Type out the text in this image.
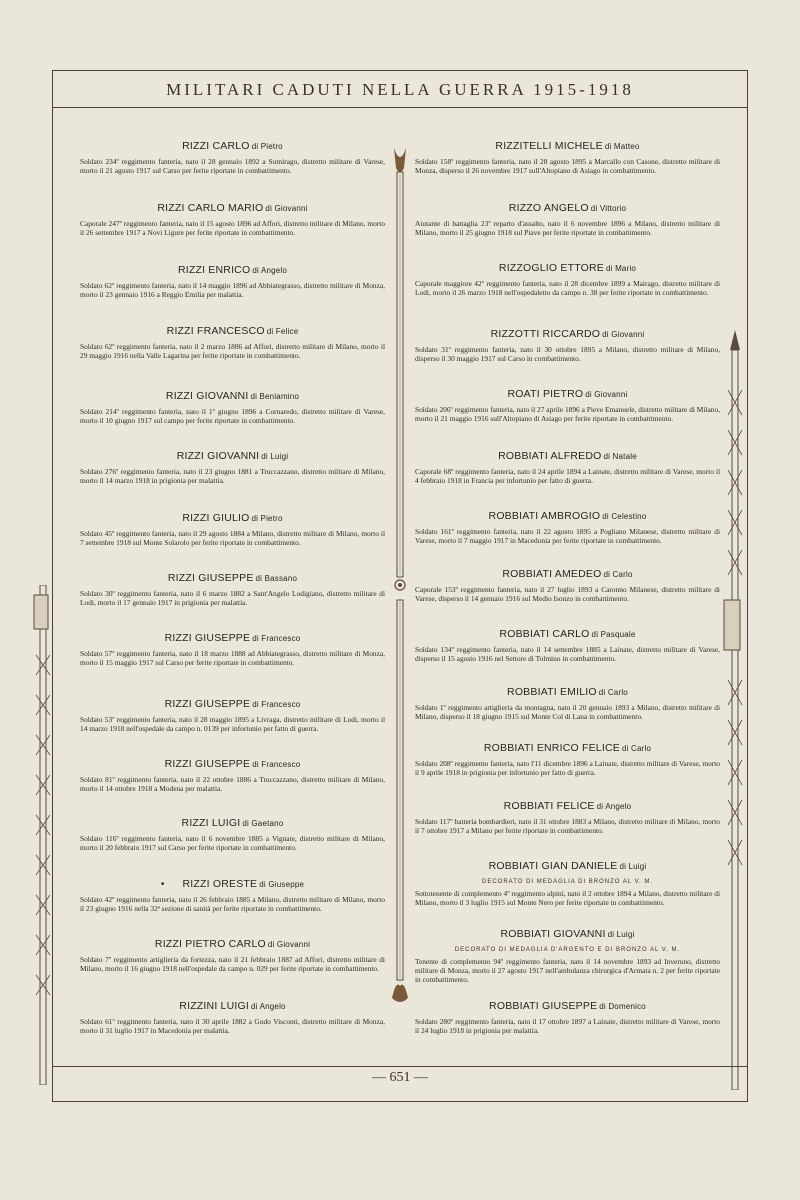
MILITARI CADUTI NELLA GUERRA 1915-1918
RIZZI CARLO di Pietro
Soldato 234º reggimento fanteria, nato il 28 gennaio 1892 a Sumirago, distretto militare di Varese, morto il 21 agosto 1917 sul Carso per ferite riportate in combattimento.
RIZZI CARLO MARIO di Giovanni
Caporale 247º reggimento fanteria, nato il 15 agosto 1896 ad Affori, distretto militare di Milano, morto il 26 settembre 1917 a Novi Ligure per ferite riportate in combattimento.
RIZZI ENRICO di Angelo
Soldato 62º reggimento fanteria, nato il 14 maggio 1896 ad Abbiategrasso, distretto militare di Monza, morto il 23 gennaio 1916 a Reggio Emilia per malattia.
RIZZI FRANCESCO di Felice
Soldato 62º reggimento fanteria, nato il 2 marzo 1886 ad Affori, distretto militare di Milano, morto il 29 maggio 1916 nella Valle Lagarina per ferite riportate in combattimento.
RIZZI GIOVANNI di Beniamino
Soldato 214º reggimento fanteria, nato il 1º giugno 1896 a Cornaredo, distretto militare di Varese, morto il 10 giugno 1917 sul campo per ferite riportate in combattimento.
RIZZI GIOVANNI di Luigi
Soldato 276º reggimento fanteria, nato il 23 giugno 1881 a Truccazzano, distretto militare di Milano, morto il 14 marzo 1918 in prigionia per malattia.
RIZZI GIULIO di Pietro
Soldato 45º reggimento fanteria, nato il 29 agosto 1884 a Milano, distretto militare di Milano, morto il 7 settembre 1918 sul Monte Solarolo per ferite riportate in combattimento.
RIZZI GIUSEPPE di Bassano
Soldato 30º reggimento fanteria, nato il 6 marzo 1882 a Sant'Angelo Lodigiano, distretto militare di Lodi, morto il 17 gennaio 1917 in prigionia per malattia.
RIZZI GIUSEPPE di Francesco
Soldato 57º reggimento fanteria, nato il 18 marzo 1888 ad Abbiategrasso, distretto militare di Monza, morto il 15 maggio 1917 sul Carso per ferite riportate in combattimento.
RIZZI GIUSEPPE di Francesco
Soldato 53º reggimento fanteria, nato il 28 maggio 1895 a Livraga, distretto militare di Lodi, morto il 14 marzo 1918 nell'ospedale da campo n. 0139 per infortunio per fatto di guerra.
RIZZI GIUSEPPE di Francesco
Soldato 81º reggimento fanteria, nato il 22 ottobre 1886 a Truccazzano, distretto militare di Milano, morto il 14 ottobre 1918 a Modena per malattia.
RIZZI LUIGI di Gaetano
Soldato 116º reggimento fanteria, nato il 6 novembre 1885 a Vignate, distretto militare di Milano, morto il 20 febbraio 1917 sul Carso per ferite riportate in combattimento.
• RIZZI ORESTE di Giuseppe
Soldato 42º reggimento fanteria, nato il 26 febbraio 1885 a Milano, distretto militare di Milano, morto il 23 giugno 1916 nella 32ª sezione di sanità per ferite riportate in combattimento.
RIZZI PIETRO CARLO di Giovanni
Soldato 7º reggimento artiglieria da fortezza, nato il 21 febbraio 1887 ad Affori, distretto militare di Milano, morto il 16 giugno 1918 nell'ospedale da campo n. 029 per ferite riportate in combattimento.
RIZZINI LUIGI di Angelo
Soldato 61º reggimento fanteria, nato il 30 aprile 1882 a Gudo Visconti, distretto militare di Monza, morto il 31 luglio 1917 in Macedonia per malattia.
RIZZITELLI MICHELE di Matteo
Soldato 158º reggimento fanteria, nato il 28 agosto 1895 a Marcallo con Casone, distretto militare di Monza, disperso il 26 novembre 1917 sull'Altopiano di Asiago in combattimento.
RIZZO ANGELO di Vittorio
Aiutante di battaglia 23º reparto d'assalto, nato il 6 novembre 1896 a Milano, distretto militare di Milano, morto il 25 giugno 1918 sul Piave per ferite riportate in combattimento.
RIZZOGLIO ETTORE di Mario
Caporale maggiore 42º reggimento fanteria, nato il 28 dicembre 1899 a Mairago, distretto militare di Lodi, morto il 26 marzo 1918 nell'ospedaletto da campo n. 38 per ferite riportate in combattimento.
RIZZOTTI RICCARDO di Giovanni
Soldato 31º reggimento fanteria, nato il 30 ottobre 1895 a Milano, distretto militare di Milano, disperso il 30 maggio 1917 sul Carso in combattimento.
ROATI PIETRO di Giovanni
Soldato 206º reggimento fanteria, nato il 27 aprile 1896 a Pieve Emanuele, distretto militare di Milano, morto il 21 maggio 1916 sull'Altopiano di Asiago per ferite riportate in combattimento.
ROBBIATI ALFREDO di Natale
Caporale 68º reggimento fanteria, nato il 24 aprile 1894 a Lainate, distretto militare di Varese, morto il 4 febbraio 1918 in Francia per infortunio per fatto di guerra.
ROBBIATI AMBROGIO di Celestino
Soldato 161º reggimento fanteria, nato il 22 agosto 1895 a Pogliano Milanese, distretto militare di Varese, morto il 7 maggio 1917 in Macedonia per ferite riportate in combattimento.
ROBBIATI AMEDEO di Carlo
Caporale 153º reggimento fanteria, nato il 27 luglio 1893 a Caronno Milanese, distretto militare di Varese, disperso il 14 gennaio 1916 sul Medio Isonzo in combattimento.
ROBBIATI CARLO di Pasquale
Soldato 134º reggimento fanteria, nato il 14 settembre 1885 a Lainate, distretto militare di Varese, disperso il 15 agosto 1916 nel Settore di Tolmino in combattimento.
ROBBIATI EMILIO di Carlo
Soldato 1º reggimento artiglieria da montagna, nato il 20 gennaio 1893 a Milano, distretto militare di Milano, disperso il 18 giugno 1915 sul Monte Col di Lana in combattimento.
ROBBIATI ENRICO FELICE di Carlo
Soldato 208º reggimento fanteria, nato l'11 dicembre 1896 a Lainate, distretto militare di Varese, morto il 9 aprile 1918 in prigionia per infortunio per fatto di guerra.
ROBBIATI FELICE di Angelo
Soldato 117º batteria bombardieri, nato il 31 ottobre 1883 a Milano, distretto militare di Milano, morto il 7 ottobre 1917 a Milano per ferite riportate in combattimento.
ROBBIATI GIAN DANIELE di Luigi
DECORATO DI MEDAGLIA DI BRONZO AL V. M.
Sottotenente di complemento 4º reggimento alpini, nato il 2 ottobre 1894 a Milano, distretto militare di Milano, morto il 3 luglio 1915 sul Monte Nero per ferite riportate in combattimento.
ROBBIATI GIOVANNI di Luigi
DECORATO DI MEDAGLIA D'ARGENTO E DI BRONZO AL V. M.
Tenente di complemento 94º reggimento fanteria, nato il 14 novembre 1893 ad Inveruno, distretto militare di Monza, morto il 27 agosto 1917 nell'ambulanza chirurgica d'Armata n. 2 per ferite riportate in combattimento.
ROBBIATI GIUSEPPE di Domenico
Soldato 280º reggimento fanteria, nato il 17 ottobre 1897 a Lainate, distretto militare di Varese, morto il 24 luglio 1918 in prigionia per malattia.
— 651 —
